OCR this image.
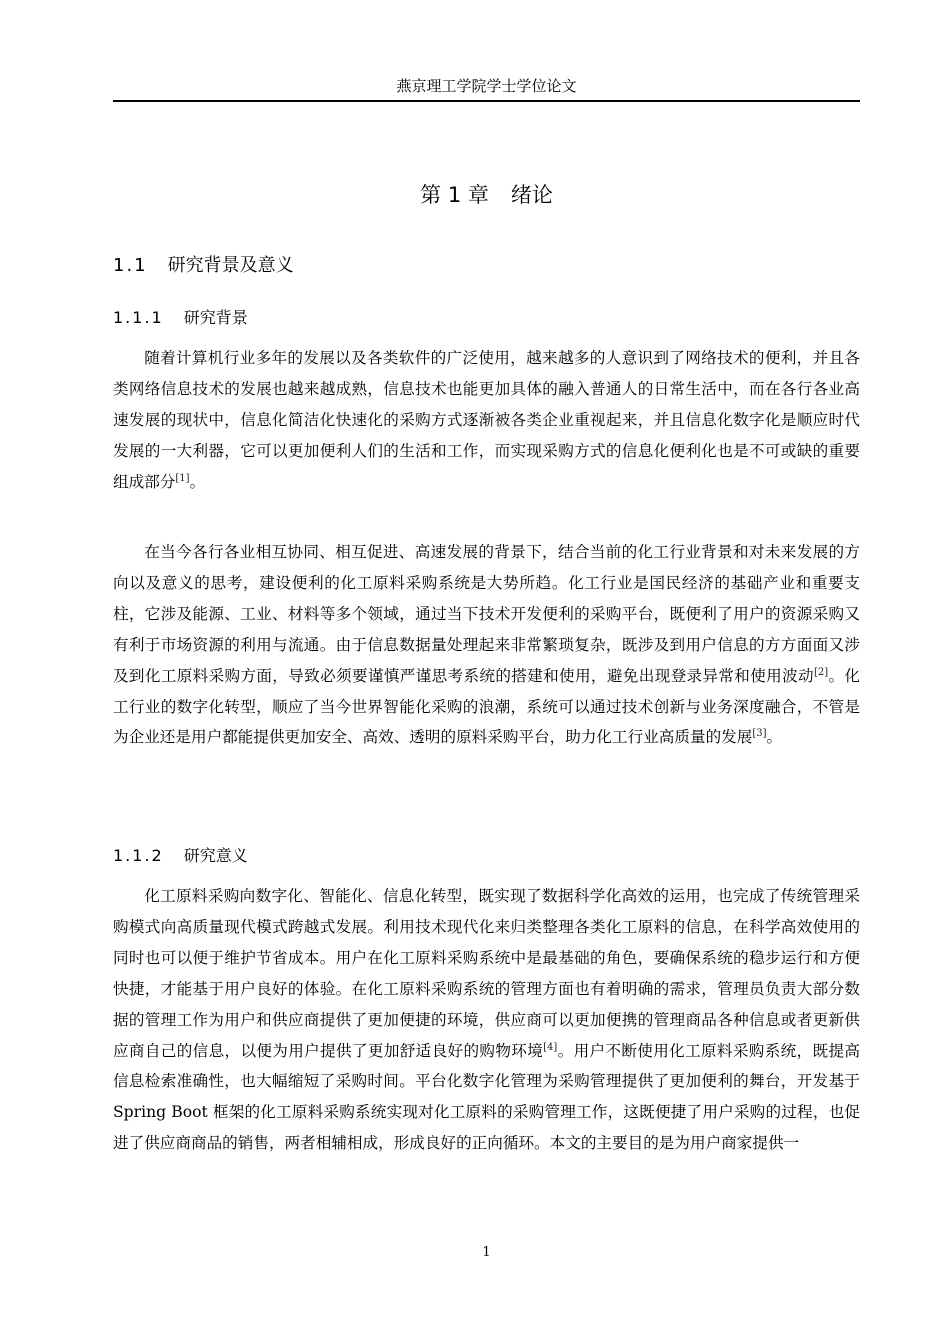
燕京理工学院学士学位论文
第 1 章 绪论
1.1 研究背景及意义
1.1.1 研究背景

随着计算机行业多年的发展以及各类软件的广泛使用，越来越多的人意识到了网络技术的便利，并且各类网络信息技术的发展也越来越成熟，信息技术也能更加具体的融入普通人的日常生活中，而在各行各业高速发展的现状中，信息化简洁化快速化的采购方式逐渐被各类企业重视起来，并且信息化数字化是顺应时代发展的一大利器，它可以更加便利人们的生活和工作，而实现采购方式的信息化便利化也是不可或缺的重要组成部分[1]。

在当今各行各业相互协同、相互促进、高速发展的背景下，结合当前的化工行业背景和对未来发展的方向以及意义的思考，建设便利的化工原料采购系统是大势所趋。化工行业是国民经济的基础产业和重要支柱，它涉及能源、工业、材料等多个领域，通过当下技术开发便利的采购平台，既便利了用户的资源采购又有利于市场资源的利用与流通。由于信息数据量处理起来非常繁琐复杂，既涉及到用户信息的方方面面又涉及到化工原料采购方面，导致必须要谨慎严谨思考系统的搭建和使用，避免出现登录异常和使用波动[2]。化工行业的数字化转型，顺应了当今世界智能化采购的浪潮，系统可以通过技术创新与业务深度融合，不管是为企业还是用户都能提供更加安全、高效、透明的原料采购平台，助力化工行业高质量的发展[3]。

1.1.2 研究意义

化工原料采购向数字化、智能化、信息化转型，既实现了数据科学化高效的运用，也完成了传统管理采购模式向高质量现代模式跨越式发展。利用技术现代化来归类整理各类化工原料的信息，在科学高效使用的同时也可以便于维护节省成本。用户在化工原料采购系统中是最基础的角色，要确保系统的稳步运行和方便快捷，才能基于用户良好的体验。在化工原料采购系统的管理方面也有着明确的需求，管理员负责大部分数据的管理工作为用户和供应商提供了更加便捷的环境，供应商可以更加便携的管理商品各种信息或者更新供应商自己的信息，以便为用户提供了更加舒适良好的购物环境[4]。用户不断使用化工原料采购系统，既提高信息检索准确性，也大幅缩短了采购时间。平台化数字化管理为采购管理提供了更加便利的舞台，开发基于 Spring Boot 框架的化工原料采购系统实现对化工原料的采购管理工作，这既便捷了用户采购的过程，也促进了供应商商品的销售，两者相辅相成，形成良好的正向循环。本文的主要目的是为用户商家提供一

1
